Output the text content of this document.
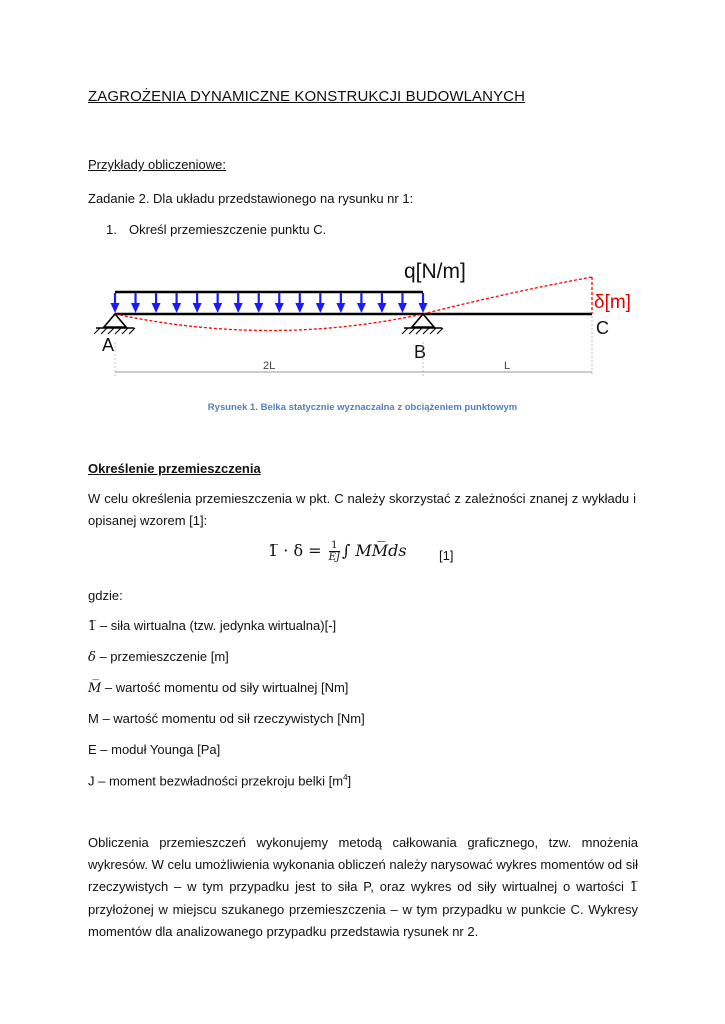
ZAGROŻENIA DYNAMICZNE KONSTRUKCJI BUDOWLANYCH
Przykłady obliczeniowe:
Zadanie 2. Dla układu przedstawionego na rysunku nr 1:
1. Określ przemieszczenie punktu C.
q[N/m]
δ[m]
A	B
C
2L	L
Rysunek 1. Belka statycznie wyznaczalna z obciążeniem punktowym
Określenie przemieszczenia
W celu określenia przemieszczenia w pkt. C należy skorzystać z zależności znanej z wykładu i opisanej wzorem [1]:
1̅ · $\delta = \frac{1}{EJ}$ ∫ MM̅ds [1]
gdzie:
1̅ – siła wirtualna (tzw. jedynka wirtualna)[-]
δ – przemieszczenie [m]
M̅ – wartość momentu od siły wirtualnej [Nm]
M – wartość momentu od sił rzeczywistych [Nm]
E – moduł Younga [Pa]
J – moment bezwładności przekroju belki $[m^4]$
Obliczenia przemieszczeń wykonujemy metodą całkowania graficznego, tzw. mnożenia wykresów. W celu umożliwienia wykonania obliczeń należy narysować wykres momentów od sił rzeczywistych – w tym przypadku jest to siła P, oraz wykres od siły wirtualnej o wartości 1̅ przyłożonej w miejscu szukanego przemieszczenia – w tym przypadku w punkcie C. Wykresy momentów dla analizowanego przypadku przedstawia rysunek nr 2.
